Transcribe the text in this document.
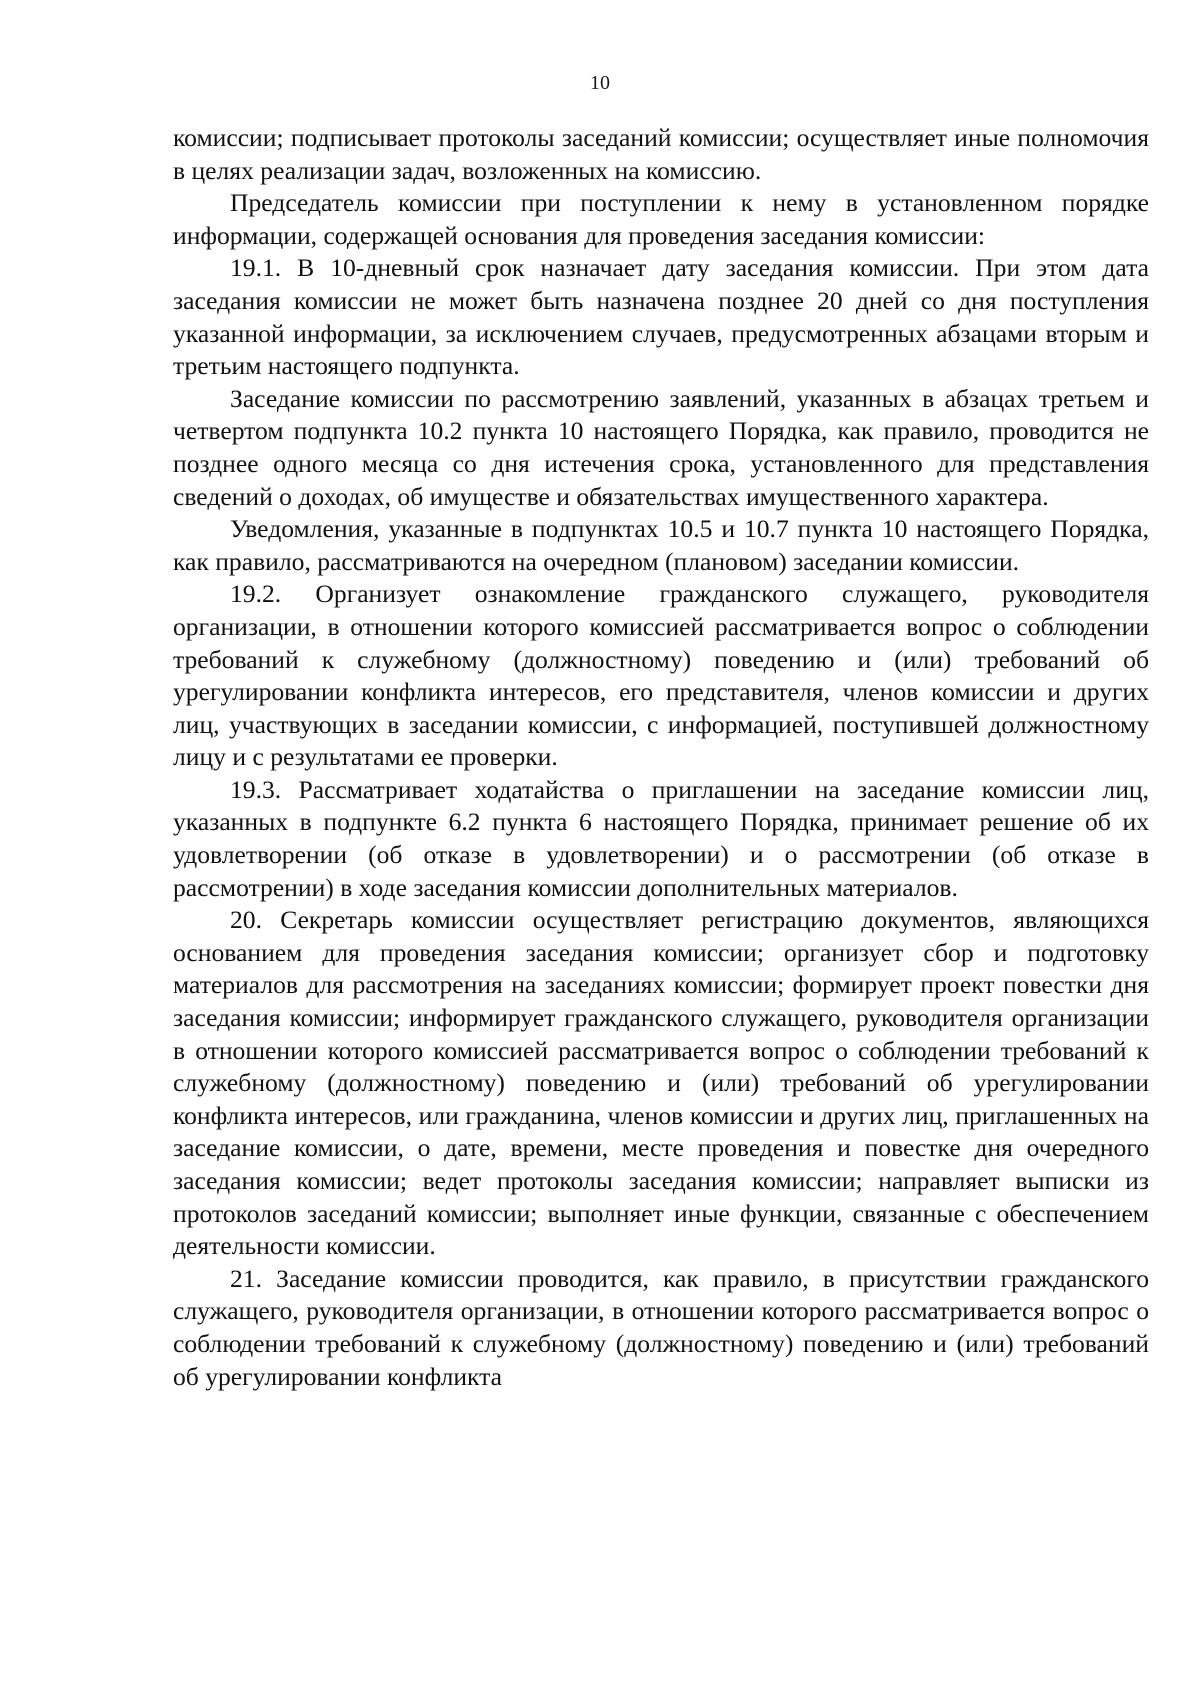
10

комиссии; подписывает протоколы заседаний комиссии; осуществляет иные полномочия в целях реализации задач, возложенных на комиссию.

Председатель комиссии при поступлении к нему в установленном порядке информации, содержащей основания для проведения заседания комиссии:

19.1. В 10-дневный срок назначает дату заседания комиссии. При этом дата заседания комиссии не может быть назначена позднее 20 дней со дня поступления указанной информации, за исключением случаев, предусмотренных абзацами вторым и третьим настоящего подпункта.

Заседание комиссии по рассмотрению заявлений, указанных в абзацах третьем и четвертом подпункта 10.2 пункта 10 настоящего Порядка, как правило, проводится не позднее одного месяца со дня истечения срока, установленного для представления сведений о доходах, об имуществе и обязательствах имущественного характера.

Уведомления, указанные в подпунктах 10.5 и 10.7 пункта 10 настоящего Порядка, как правило, рассматриваются на очередном (плановом) заседании комиссии.

19.2. Организует ознакомление гражданского служащего, руководителя организации, в отношении которого комиссией рассматривается вопрос о соблюдении требований к служебному (должностному) поведению и (или) требований об урегулировании конфликта интересов, его представителя, членов комиссии и других лиц, участвующих в заседании комиссии, с информацией, поступившей должностному лицу и с результатами ее проверки.

19.3. Рассматривает ходатайства о приглашении на заседание комиссии лиц, указанных в подпункте 6.2 пункта 6 настоящего Порядка, принимает решение об их удовлетворении (об отказе в удовлетворении) и о рассмотрении (об отказе в рассмотрении) в ходе заседания комиссии дополнительных материалов.

20. Секретарь комиссии осуществляет регистрацию документов, являющихся основанием для проведения заседания комиссии; организует сбор и подготовку материалов для рассмотрения на заседаниях комиссии; формирует проект повестки дня заседания комиссии; информирует гражданского служащего, руководителя организации в отношении которого комиссией рассматривается вопрос о соблюдении требований к служебному (должностному) поведению и (или) требований об урегулировании конфликта интересов, или гражданина, членов комиссии и других лиц, приглашенных на заседание комиссии, о дате, времени, месте проведения и повестке дня очередного заседания комиссии; ведет протоколы заседания комиссии; направляет выписки из протоколов заседаний комиссии; выполняет иные функции, связанные с обеспечением деятельности комиссии.

21. Заседание комиссии проводится, как правило, в присутствии гражданского служащего, руководителя организации, в отношении которого рассматривается вопрос о соблюдении требований к служебному (должностному) поведению и (или) требований об урегулировании конфликта
